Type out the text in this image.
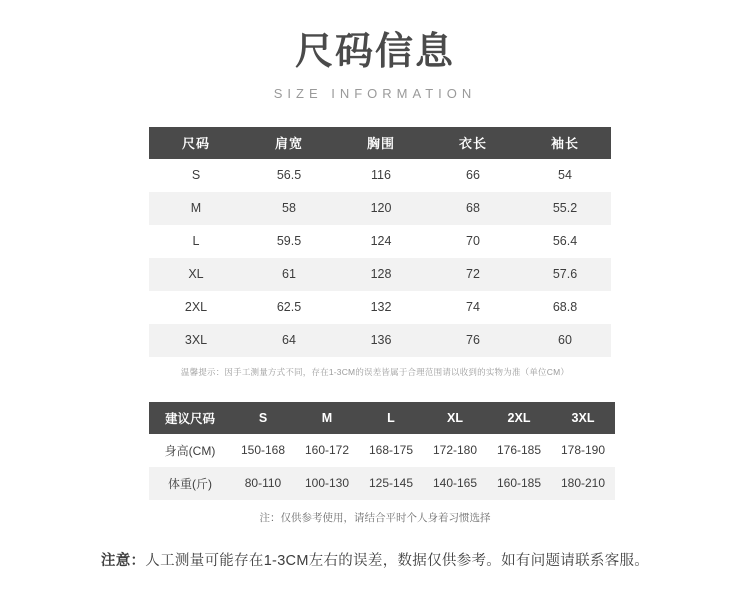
尺码信息
SIZE INFORMATION
尺码	肩宽	胸围	衣长	袖长
S	56.5	116	66	54
M	58	120	68	55.2
L	59.5	124	70	56.4
XL	61	128	72	57.6
2XL	62.5	132	74	68.8
3XL	64	136	76	60
温馨提示：因手工测量方式不同，存在1-3CM的误差皆属于合理范围请以收到的实物为准（单位CM）
建议尺码	S	M	L	XL	2XL	3XL
身高(CM)	150-168	160-172	168-175	172-180	176-185	178-190
体重(斤)	80-110	100-130	125-145	140-165	160-185	180-210
注：仅供参考使用，请结合平时个人身着习惯选择
注意：人工测量可能存在1-3CM左右的误差，数据仅供参考。如有问题请联系客服。
